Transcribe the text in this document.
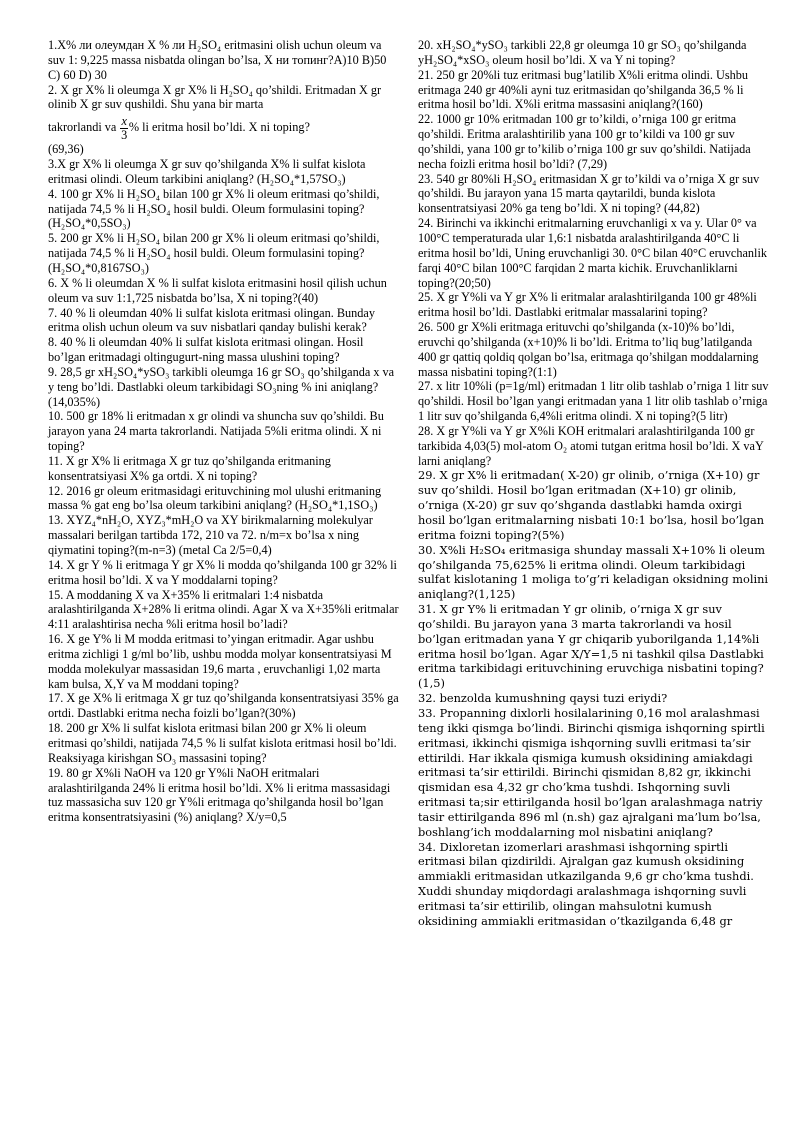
1.X% ли олеумдан X % ли H₂SO₄ eritmasini olish uchun oleum va suv 1: 9,225 massa nisbatda olingan bo’lsa, X ни топинг?A)10 B)50 C) 60 D) 30

2. X gr X% li oleumga X gr X% li H₂SO₄ qo’shildi. Eritmadan X gr olinib X gr suv qushildi. Shu yana bir marta

takrorlandi va $\frac{x}{3}$ % li eritma hosil bo’ldi. X ni toping?

(69,36)

3.X gr X% li oleumga X gr suv qo’shilganda X% li sulfat kislota eritmasi olindi. Oleum tarkibini aniqlang? (H₂SO₄*1,57SO₃)

4. 100 gr X% li H₂SO₄ bilan 100 gr X% li oleum eritmasi qo’shildi, natijada 74,5 % li H₂SO₄ hosil buldi. Oleum formulasini toping? (H₂SO₄*0,5SO₃)

5. 200 gr X% li H₂SO₄ bilan 200 gr X% li oleum eritmasi qo’shildi, natijada 74,5 % li H₂SO₄ hosil buldi. Oleum formulasini toping? (H₂SO₄*0,8167SO₃)

6. X % li oleumdan X % li sulfat kislota eritmasini hosil qilish uchun oleum va suv 1:1,725 nisbatda bo’lsa, X ni toping?(40)

7. 40 % li oleumdan 40% li sulfat kislota eritmasi olingan. Bunday eritma olish uchun oleum va suv nisbatlari qanday bulishi kerak?

8. 40 % li oleumdan 40% li sulfat kislota eritmasi olingan. Hosil bo’lgan eritmadagi oltingugurt-ning massa ulushini toping?

9. 28,5 gr xH₂SO₄*ySO₃ tarkibli oleumga 16 gr SO₃ qo’shilganda x va y teng bo’ldi. Dastlabki oleum tarkibidagi SO₃ning % ini aniqlang?(14,035%)

10. 500 gr 18% li eritmadan x gr olindi va shuncha suv qo’shildi. Bu jarayon yana 24 marta takrorlandi. Natijada 5%li eritma olindi. X ni toping?

11. X gr X% li eritmaga X gr tuz qo’shilganda eritmaning konsentratsiyasi X% ga ortdi. X ni toping?

12. 2016 gr oleum eritmasidagi erituvchining mol ulushi eritmaning massa % gat eng bo’lsa oleum tarkibini aniqlang? (H₂SO₄*1,1SO₃)

13. XYZ₄*nH₂O, XYZ₃*mH₂O va XY birikmalarning molekulyar massalari berilgan tartibda 172, 210 va 72. n/m=x bo’lsa x ning qiymatini toping?(m-n=3) (metal Ca 2/5=0,4)

14. X gr Y % li eritmaga Y gr X% li modda qo’shilganda 100 gr 32% li eritma hosil bo’ldi. X va Y moddalarni toping?

15. A moddaning X va X+35% li eritmalari 1:4 nisbatda aralashtirilganda X+28% li eritma olindi. Agar X va X+35%li eritmalar 4:11 aralashtirisa necha %li eritma hosil bo’ladi?

16. X ge Y% li M modda eritmasi to’yingan eritmadir. Agar ushbu eritma zichligi 1 g/ml bo’lib, ushbu modda molyar konsentratsiyasi M modda molekulyar massasidan 19,6 marta , eruvchanligi 1,02 marta kam bulsa, X,Y va M moddani toping?

17. X ge X% li eritmaga X gr tuz qo’shilganda konsentratsiyasi 35% ga ortdi. Dastlabki eritma necha foizli bo’lgan?(30%)

18. 200 gr X% li sulfat kislota eritmasi bilan 200 gr X% li oleum eritmasi qo’shildi, natijada 74,5 % li sulfat kislota eritmasi hosil bo’ldi. Reaksiyaga kirishgan SO₃ massasini toping?

19. 80 gr X%li NaOH va 120 gr Y%li NaOH eritmalari aralashtirilganda 24% li eritma hosil bo’ldi. X% li eritma massasidagi tuz massasicha suv 120 gr Y%li eritmaga qo’shilganda hosil bo’lgan eritma konsentratsiyasini (%) aniqlang? X/y=0,5

20. xH₂SO₄*ySO₃ tarkibli 22,8 gr oleumga 10 gr SO₃ qo’shilganda yH₂SO₄*xSO₃ oleum hosil bo’ldi. X va Y ni toping?

21. 250 gr 20%li tuz eritmasi bug’latilib X%li eritma olindi. Ushbu eritmaga 240 gr 40%li ayni tuz eritmasidan qo’shilganda 36,5 % li eritma hosil bo’ldi. X%li eritma massasini aniqlang?(160)

22. 1000 gr 10% eritmadan 100 gr to’kildi, o’rniga 100 gr eritma qo’shildi. Eritma aralashtirilib yana 100 gr to’kildi va 100 gr suv qo’shildi, yana 100 gr to’kilib o’rniga 100 gr suv qo’shildi. Natijada necha foizli eritma hosil bo’ldi? (7,29)

23. 540 gr 80%li H₂SO₄ eritmasidan X gr to’kildi va o’rniga X gr suv qo’shildi. Bu jarayon yana 15 marta qaytarildi, bunda kislota konsentratsiyasi 20% ga teng bo’ldi. X ni toping? (44,82)

24. Birinchi va ikkinchi eritmalarning eruvchanligi x va y. Ular 0° va 100°C temperaturada ular 1,6:1 nisbatda aralashtirilganda 40°C li eritma hosil bo’ldi, Uning eruvchanligi 30. 0°C bilan 40°C eruvchanlik farqi 40°C bilan 100°C farqidan 2 marta kichik. Eruvchanliklarni toping?(20;50)

25. X gr Y%li va Y gr X% li eritmalar aralashtirilganda 100 gr 48%li eritma hosil bo’ldi. Dastlabki eritmalar massalarini toping?

26. 500 gr X%li eritmaga erituvchi qo’shilganda (x-10)% bo’ldi, eruvchi qo’shilganda (x+10)% li bo’ldi. Eritma to’liq bug’latilganda 400 gr qattiq qoldiq qolgan bo’lsa, eritmaga qo’shilgan moddalarning massa nisbatini toping?(1:1)

27. x litr 10%li (p=1g/ml) eritmadan 1 litr olib tashlab o’rniga 1 litr suv qo’shildi. Hosil bo’lgan yangi eritmadan yana 1 litr olib tashlab o’rniga 1 litr suv qo’shilganda 6,4%li eritma olindi. X ni toping?(5 litr)

28. X gr Y%li va Y gr X%li KOH eritmalari aralashtirilganda 100 gr tarkibida 4,03(5) mol-atom O₂ atomi tutgan eritma hosil bo’ldi. X vaY larni aniqlang?

29. X gr X% li eritmadan( X-20) gr olinib, o’rniga (X+10) gr suv qo’shildi. Hosil bo’lgan eritmadan (X+10) gr olinib, o’rniga (X-20) gr suv qo’shganda dastlabki hamda oxirgi hosil bo’lgan eritmalarning nisbati 10:1 bo’lsa, hosil bo’lgan eritma foizni toping?(5%)

30. X%li H₂SO₄ eritmasiga shunday massali X+10% li oleum qo’shilganda 75,625% li eritma olindi. Oleum tarkibidagi sulfat kislotaning 1 moliga to’g’ri keladigan oksidning molini aniqlang?(1,125)

31. X gr Y% li eritmadan Y gr olinib, o’rniga X gr suv qo’shildi. Bu jarayon yana 3 marta takrorlandi va hosil bo’lgan eritmadan yana Y gr chiqarib yuborilganda 1,14%li eritma hosil bo’lgan. Agar X/Y=1,5 ni tashkil qilsa Dastlabki eritma tarkibidagi erituvchining eruvchiga nisbatini toping? (1,5)

32. benzolda kumushning qaysi tuzi eriydi?

33. Propanning dixlorli hosilalarining 0,16 mol aralashmasi teng ikki qismga bo’lindi. Birinchi qismiga ishqorning spirtli eritmasi, ikkinchi qismiga ishqorning suvlli eritmasi ta’sir ettirildi. Har ikkala qismiga kumush oksidining amiakdagi eritmasi ta’sir ettirildi. Birinchi qismidan 8,82 gr, ikkinchi qismidan esa 4,32 gr cho’kma tushdi. Ishqorning suvli eritmasi ta;sir ettirilganda hosil bo’lgan aralashmaga natriy tasir ettirilganda 896 ml (n.sh) gaz ajralgani ma’lum bo’lsa, boshlang’ich moddalarning mol nisbatini aniqlang?

34. Dixloretan izomerlari arashmasi ishqorning spirtli eritmasi bilan qizdirildi. Ajralgan gaz kumush oksidining ammiakli eritmasidan utkazilganda 9,6 gr cho’kma tushdi. Xuddi shunday miqdordagi aralashmaga ishqorning suvli eritmasi ta’sir ettirilib, olingan mahsulotni kumush oksidining ammiakli eritmasidan o’tkazilganda 6,48 gr
